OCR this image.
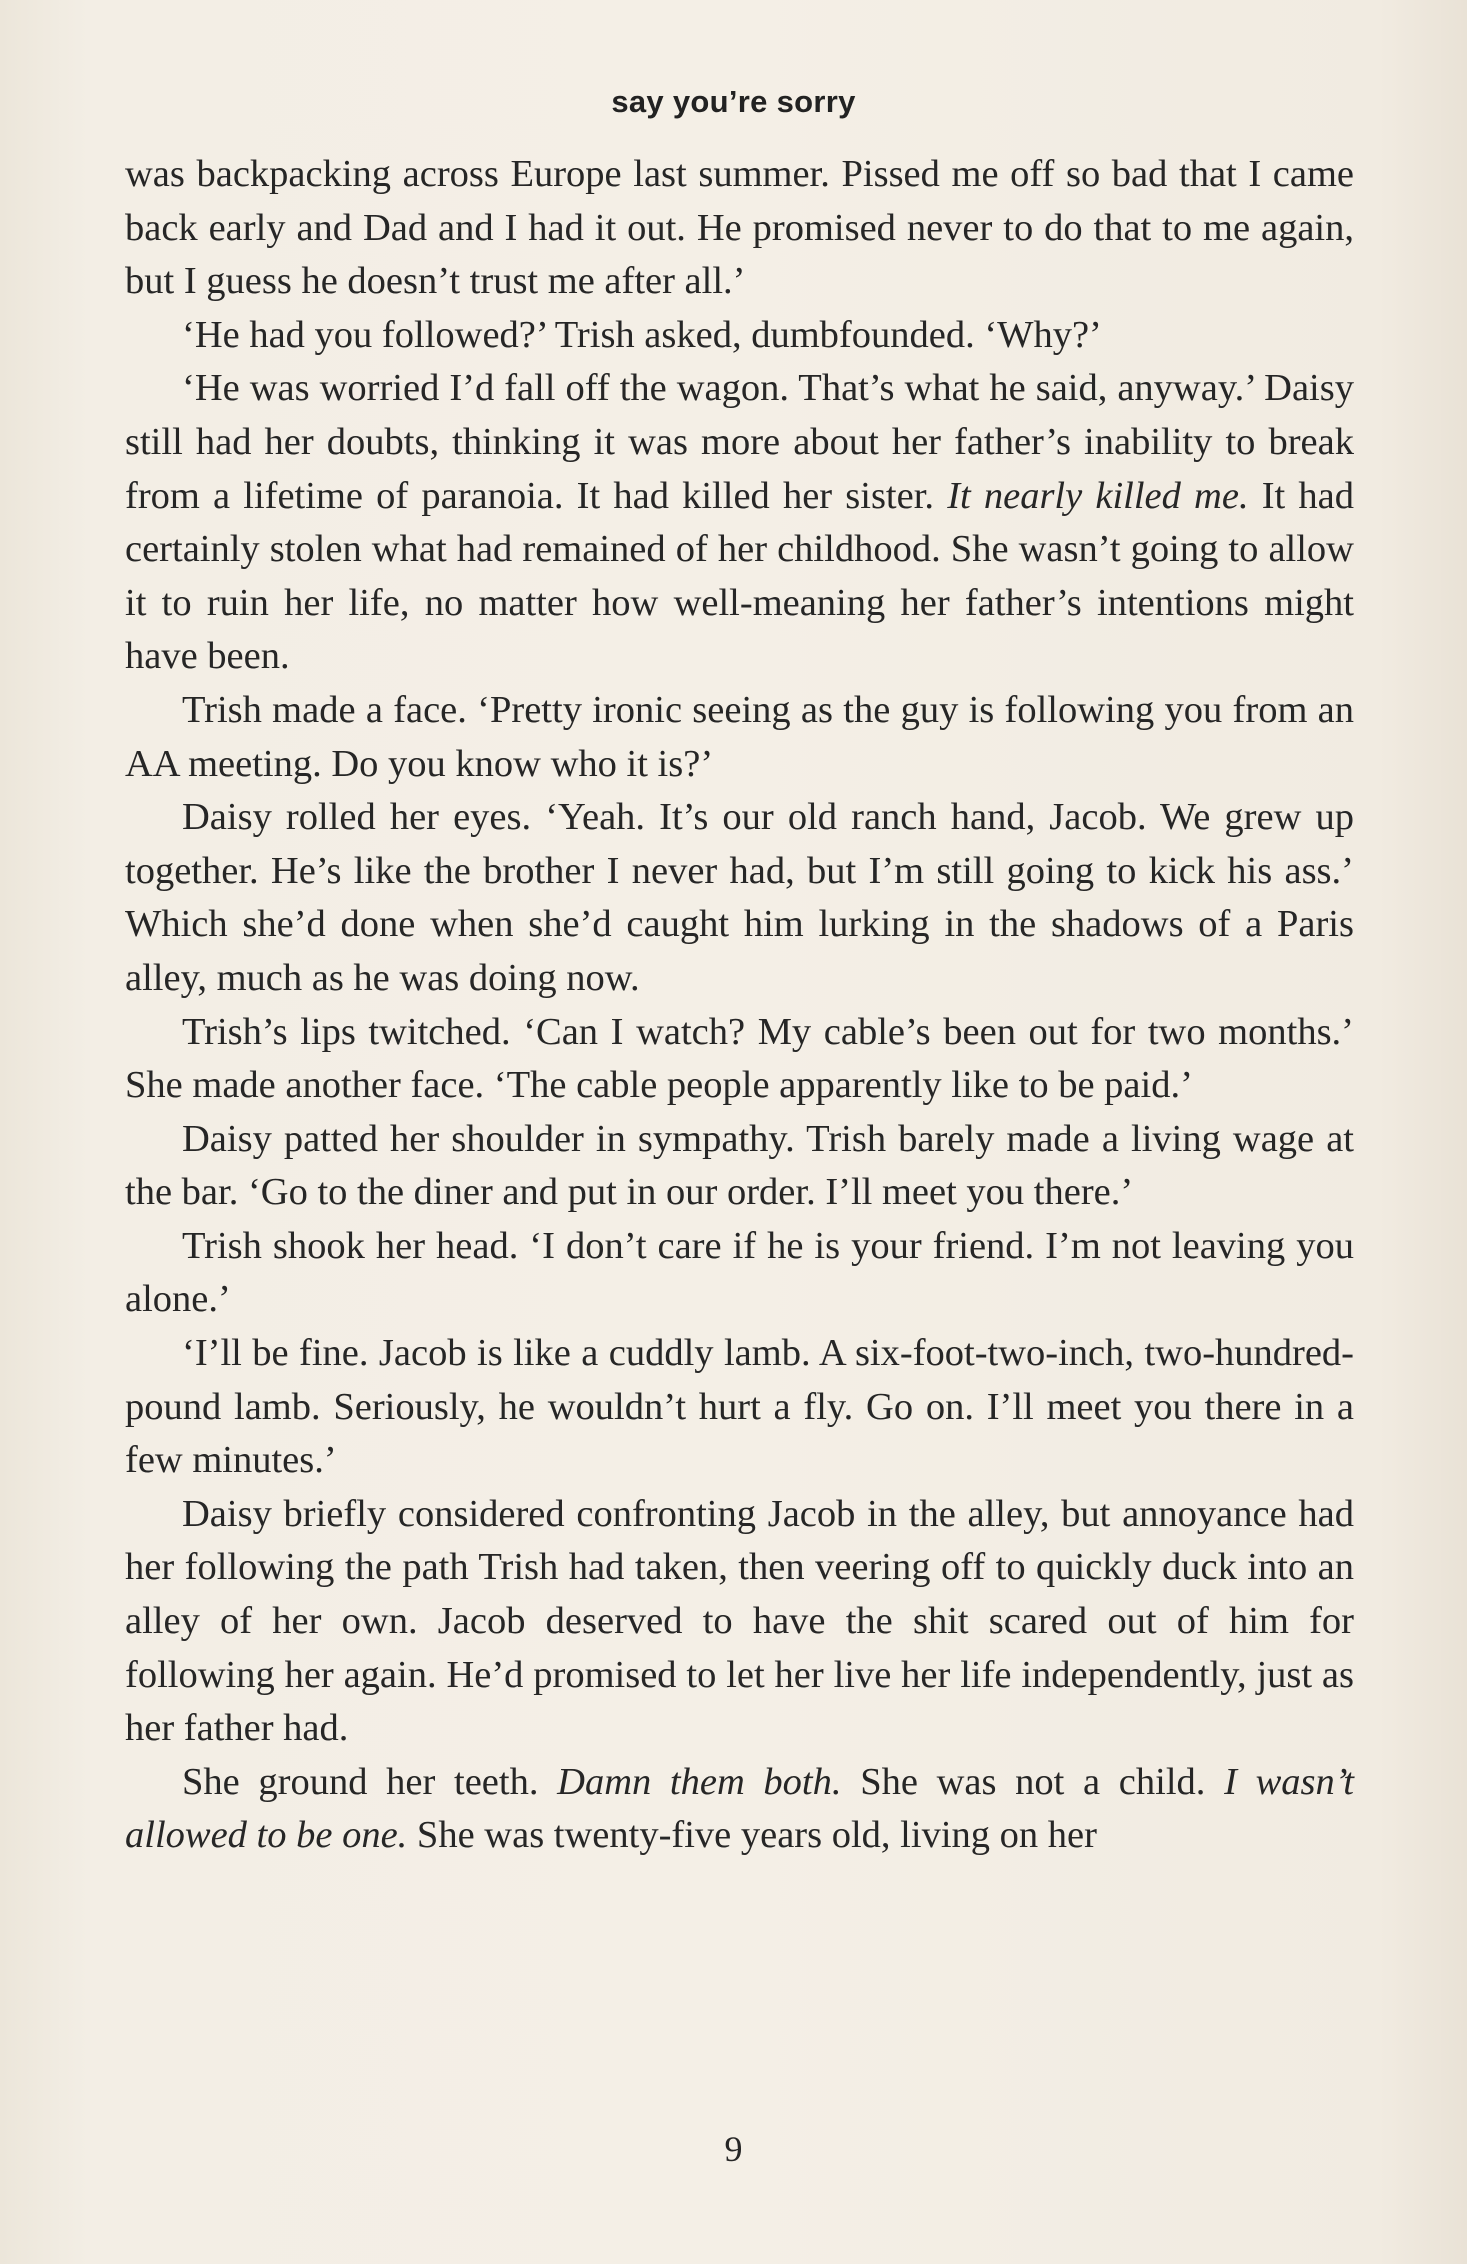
say you’re sorry

was backpacking across Europe last summer. Pissed me off so bad that I came back early and Dad and I had it out. He promised never to do that to me again, but I guess he doesn’t trust me after all.’

‘He had you followed?’ Trish asked, dumbfounded. ‘Why?’

‘He was worried I’d fall off the wagon. That’s what he said, anyway.’ Daisy still had her doubts, thinking it was more about her father’s inability to break from a lifetime of paranoia. It had killed her sister. It nearly killed me. It had certainly stolen what had remained of her childhood. She wasn’t going to allow it to ruin her life, no matter how well-meaning her father’s intentions might have been.

Trish made a face. ‘Pretty ironic seeing as the guy is following you from an AA meeting. Do you know who it is?’

Daisy rolled her eyes. ‘Yeah. It’s our old ranch hand, Jacob. We grew up together. He’s like the brother I never had, but I’m still going to kick his ass.’ Which she’d done when she’d caught him lurking in the shadows of a Paris alley, much as he was doing now.

Trish’s lips twitched. ‘Can I watch? My cable’s been out for two months.’ She made another face. ‘The cable people apparently like to be paid.’

Daisy patted her shoulder in sympathy. Trish barely made a living wage at the bar. ‘Go to the diner and put in our order. I’ll meet you there.’

Trish shook her head. ‘I don’t care if he is your friend. I’m not leaving you alone.’

‘I’ll be fine. Jacob is like a cuddly lamb. A six-foot-two-inch, two-hundred-pound lamb. Seriously, he wouldn’t hurt a fly. Go on. I’ll meet you there in a few minutes.’

Daisy briefly considered confronting Jacob in the alley, but annoyance had her following the path Trish had taken, then veering off to quickly duck into an alley of her own. Jacob deserved to have the shit scared out of him for following her again. He’d promised to let her live her life independently, just as her father had.

She ground her teeth. Damn them both. She was not a child. I wasn’t allowed to be one. She was twenty-five years old, living on her

9
